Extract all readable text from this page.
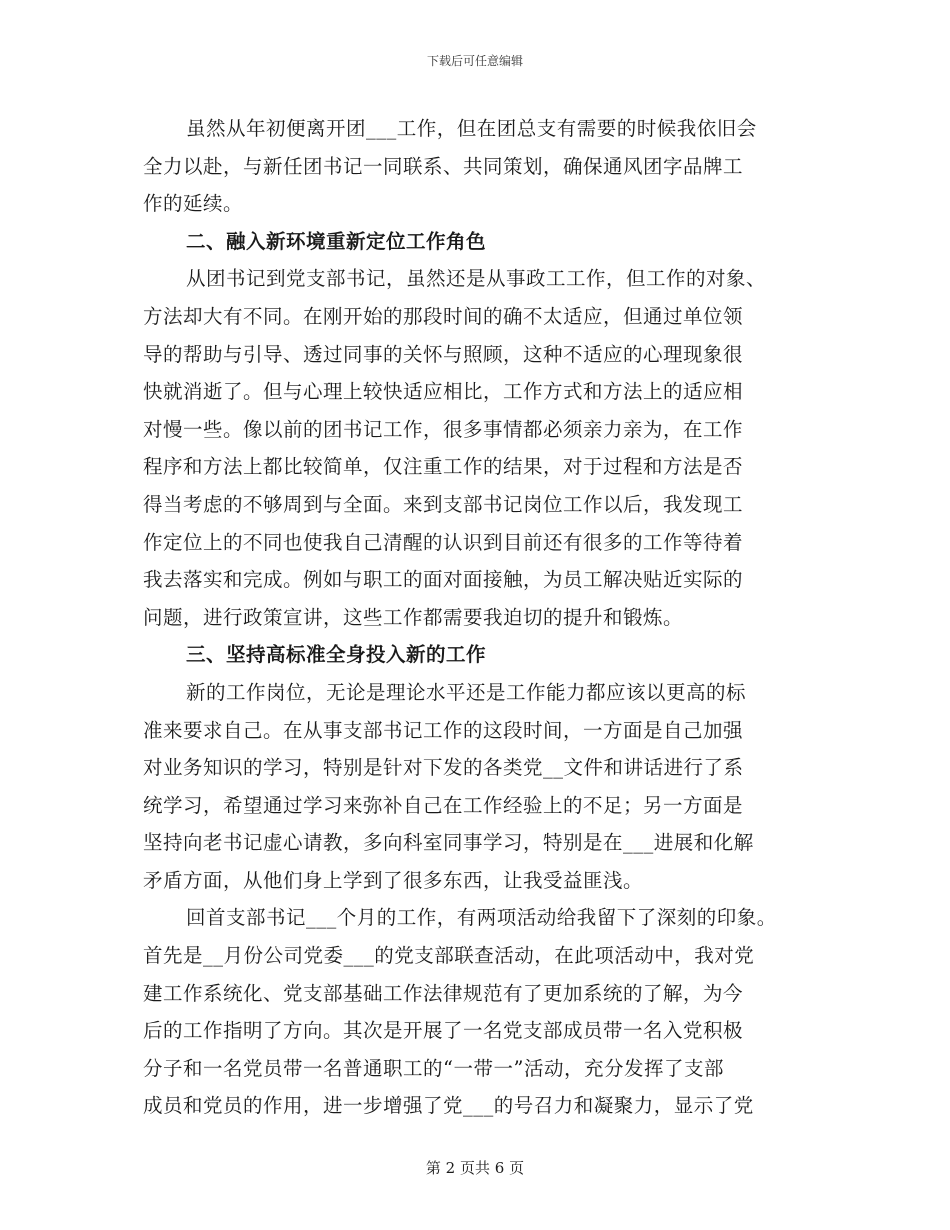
下载后可任意编辑
虽然从年初便离开团___工作，但在团总支有需要的时候我依旧会
全力以赴，与新任团书记一同联系、共同策划，确保通风团字品牌工
作的延续。
二、融入新环境重新定位工作角色
从团书记到党支部书记，虽然还是从事政工工作，但工作的对象、
方法却大有不同。在刚开始的那段时间的确不太适应，但通过单位领
导的帮助与引导、透过同事的关怀与照顾，这种不适应的心理现象很
快就消逝了。但与心理上较快适应相比，工作方式和方法上的适应相
对慢一些。像以前的团书记工作，很多事情都必须亲力亲为，在工作
程序和方法上都比较简单，仅注重工作的结果，对于过程和方法是否
得当考虑的不够周到与全面。来到支部书记岗位工作以后，我发现工
作定位上的不同也使我自己清醒的认识到目前还有很多的工作等待着
我去落实和完成。例如与职工的面对面接触，为员工解决贴近实际的
问题，进行政策宣讲，这些工作都需要我迫切的提升和锻炼。
三、坚持高标准全身投入新的工作
新的工作岗位，无论是理论水平还是工作能力都应该以更高的标
准来要求自己。在从事支部书记工作的这段时间，一方面是自己加强
对业务知识的学习，特别是针对下发的各类党__文件和讲话进行了系
统学习，希望通过学习来弥补自己在工作经验上的不足；另一方面是
坚持向老书记虚心请教，多向科室同事学习，特别是在___进展和化解
矛盾方面，从他们身上学到了很多东西，让我受益匪浅。
回首支部书记___个月的工作，有两项活动给我留下了深刻的印象。
首先是__月份公司党委___的党支部联查活动，在此项活动中，我对党
建工作系统化、党支部基础工作法律规范有了更加系统的了解，为今
后的工作指明了方向。其次是开展了一名党支部成员带一名入党积极
分子和一名党员带一名普通职工的“一带一”活动，充分发挥了支部
成员和党员的作用，进一步增强了党___的号召力和凝聚力，显示了党
第 2 页共 6 页
